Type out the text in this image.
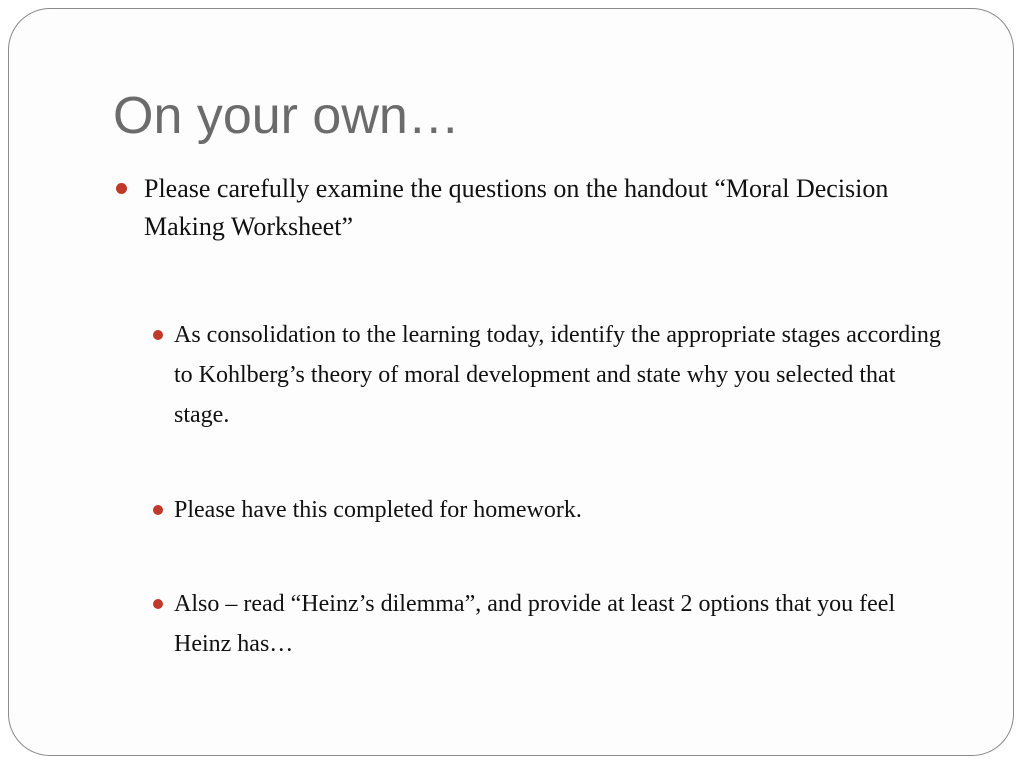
On your own…
Please carefully examine the questions on the handout “Moral Decision Making Worksheet”
As consolidation to the learning today, identify the appropriate stages according to Kohlberg’s theory of moral development and state why you selected that stage.
Please have this completed for homework.
Also – read “Heinz’s dilemma”, and provide at least 2 options that you feel Heinz has…
